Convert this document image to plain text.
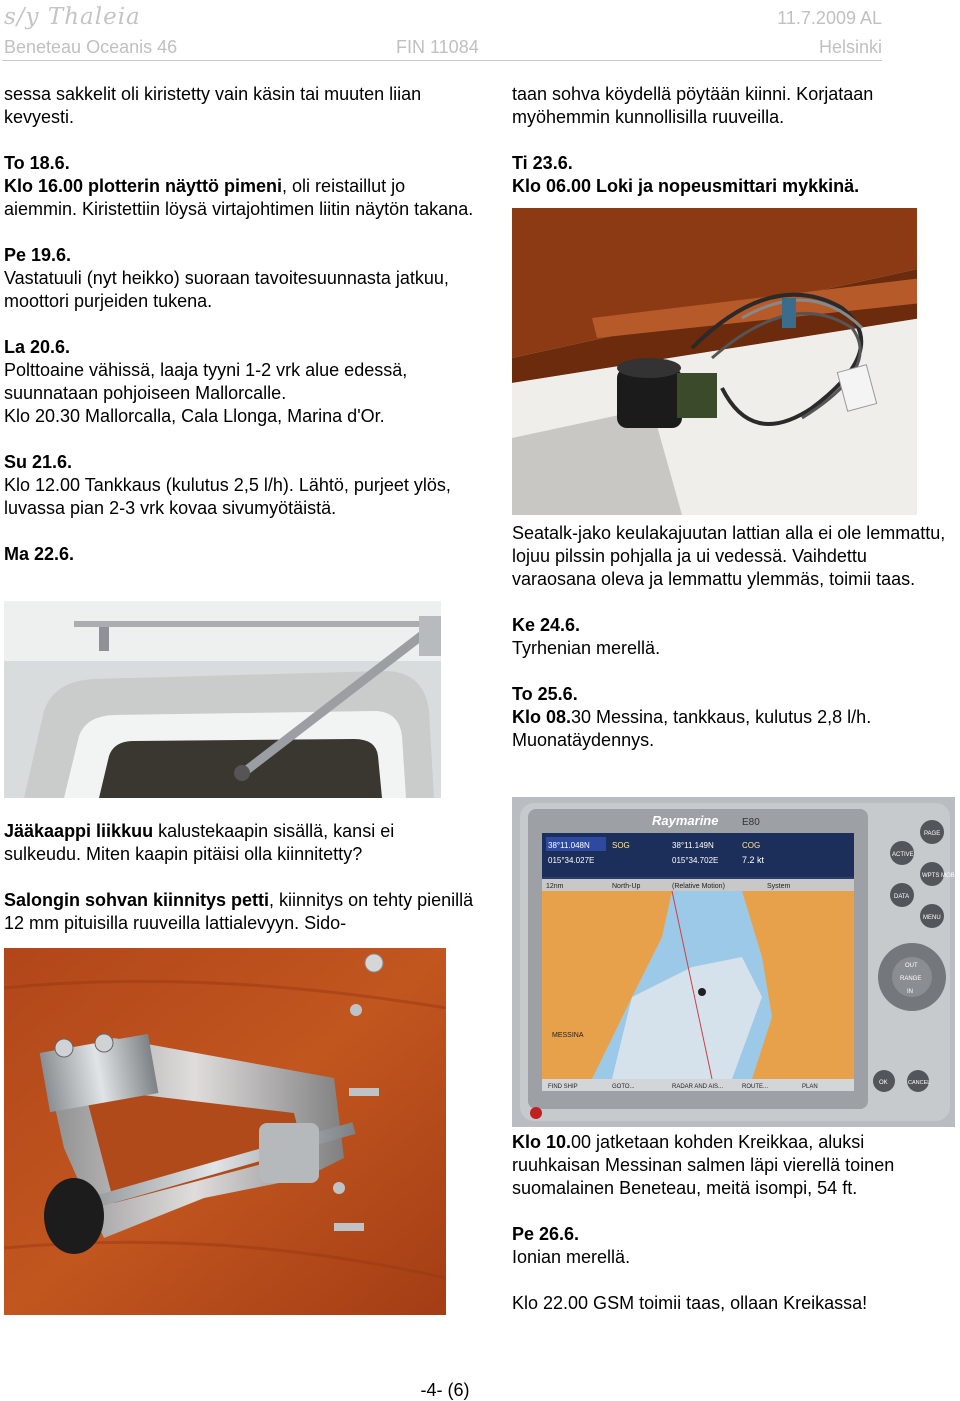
s/y Thaleia	11.7.2009 AL
Beneteau Oceanis 46	FIN 11084	Helsinki

sessa sakkelit oli kiristetty vain käsin tai muuten liian kevyesti.

To 18.6.
Klo 16.00 plotterin näyttö pimeni, oli reistaillut jo aiemmin. Kiristettiin löysä virtajohtimen liitin näytön takana.

Pe 19.6.
Vastatuuli (nyt heikko) suoraan tavoitesuunnasta jatkuu, moottori purjeiden tukena.

La 20.6.
Polttoaine vähissä, laaja tyyni 1-2 vrk alue edessä, suunnataan pohjoiseen Mallorcalle.
Klo 20.30 Mallorcalla, Cala Llonga, Marina d'Or.

Su 21.6.
Klo 12.00 Tankkaus (kulutus 2,5 l/h). Lähtö, purjeet ylös, luvassa pian 2-3 vrk kovaa sivumyötäistä.

Ma 22.6.

Jääkaappi liikkuu kalustekaapin sisällä, kansi ei sulkeudu. Miten kaapin pitäisi olla kiinnitetty?

Salongin sohvan kiinnitys petti, kiinnitys on tehty pienillä 12 mm pituisilla ruuveilla lattialevyyn. Sido-

taan sohva köydellä pöytään kiinni. Korjataan myöhemmin kunnollisilla ruuveilla.

Ti 23.6.
Klo 06.00 Loki ja nopeusmittari mykkinä.

Seatalk-jako keulakajuutan lattian alla ei ole lemmattu, lojuu pilssin pohjalla ja ui vedessä. Vaihdettu varaosana oleva ja lemmattu ylemmäs, toimii taas.

Ke 24.6.
Tyrhenian merellä.

To 25.6.
Klo 08.30 Messina, tankkaus, kulutus 2,8 l/h. Muonatäydennys.

Raymarine E80
38°11.048N
015°34.027E
SOG	38°11.149N
015°34.702E	7.2 kt
COG
12nm	North-Up	(Relative Motion)	System
MESSINA
FIND SHIP	GOTO...	RADAR AND AIS...	ROUTE...	PLAN
PAGE
ACTIVE
WPTS MOB
DATA
MENU
OUT
RANGE
IN
OK	CANCEL

Klo 10.00 jatketaan kohden Kreikkaa, aluksi ruuhkaisan Messinan salmen läpi vierellä toinen suomalainen Beneteau, meitä isompi, 54 ft.

Pe 26.6.
Ionian merellä.

Klo 22.00 GSM toimii taas, ollaan Kreikassa!

-4- (6)
